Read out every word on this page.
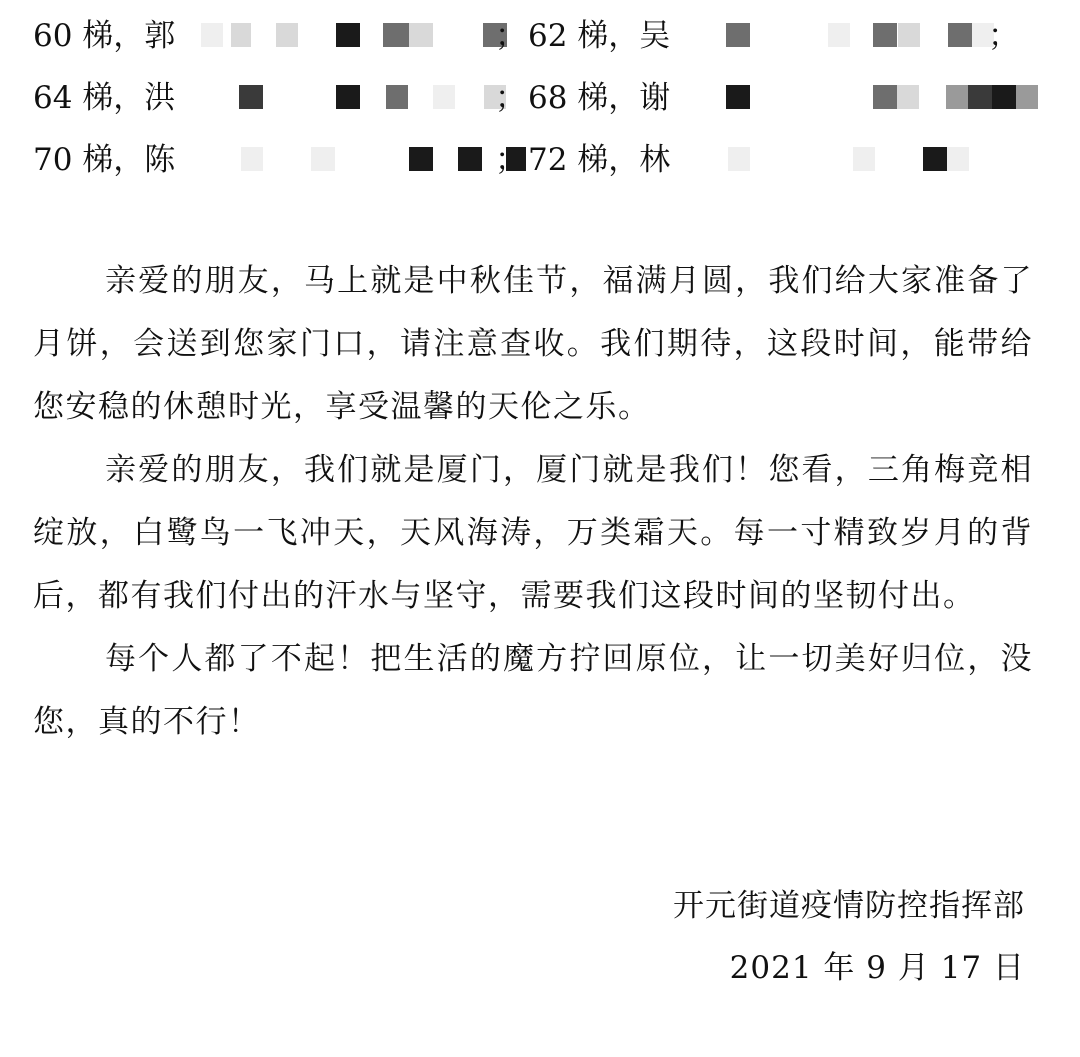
60 梯，郭	； 62 梯，吴	；
64 梯，洪	； 68 梯，谢
70 梯，陈	； 72 梯，林

亲爱的朋友，马上就是中秋佳节，福满月圆，我们给大家准备了月饼，会送到您家门口，请注意查收。我们期待，这段时间，能带给您安稳的休憩时光，享受温馨的天伦之乐。

亲爱的朋友，我们就是厦门，厦门就是我们！您看，三角梅竞相绽放，白鹭鸟一飞冲天，天风海涛，万类霜天。每一寸精致岁月的背后，都有我们付出的汗水与坚守，需要我们这段时间的坚韧付出。

每个人都了不起！把生活的魔方拧回原位，让一切美好归位，没您，真的不行！

开元街道疫情防控指挥部
2021 年 9 月 17 日
